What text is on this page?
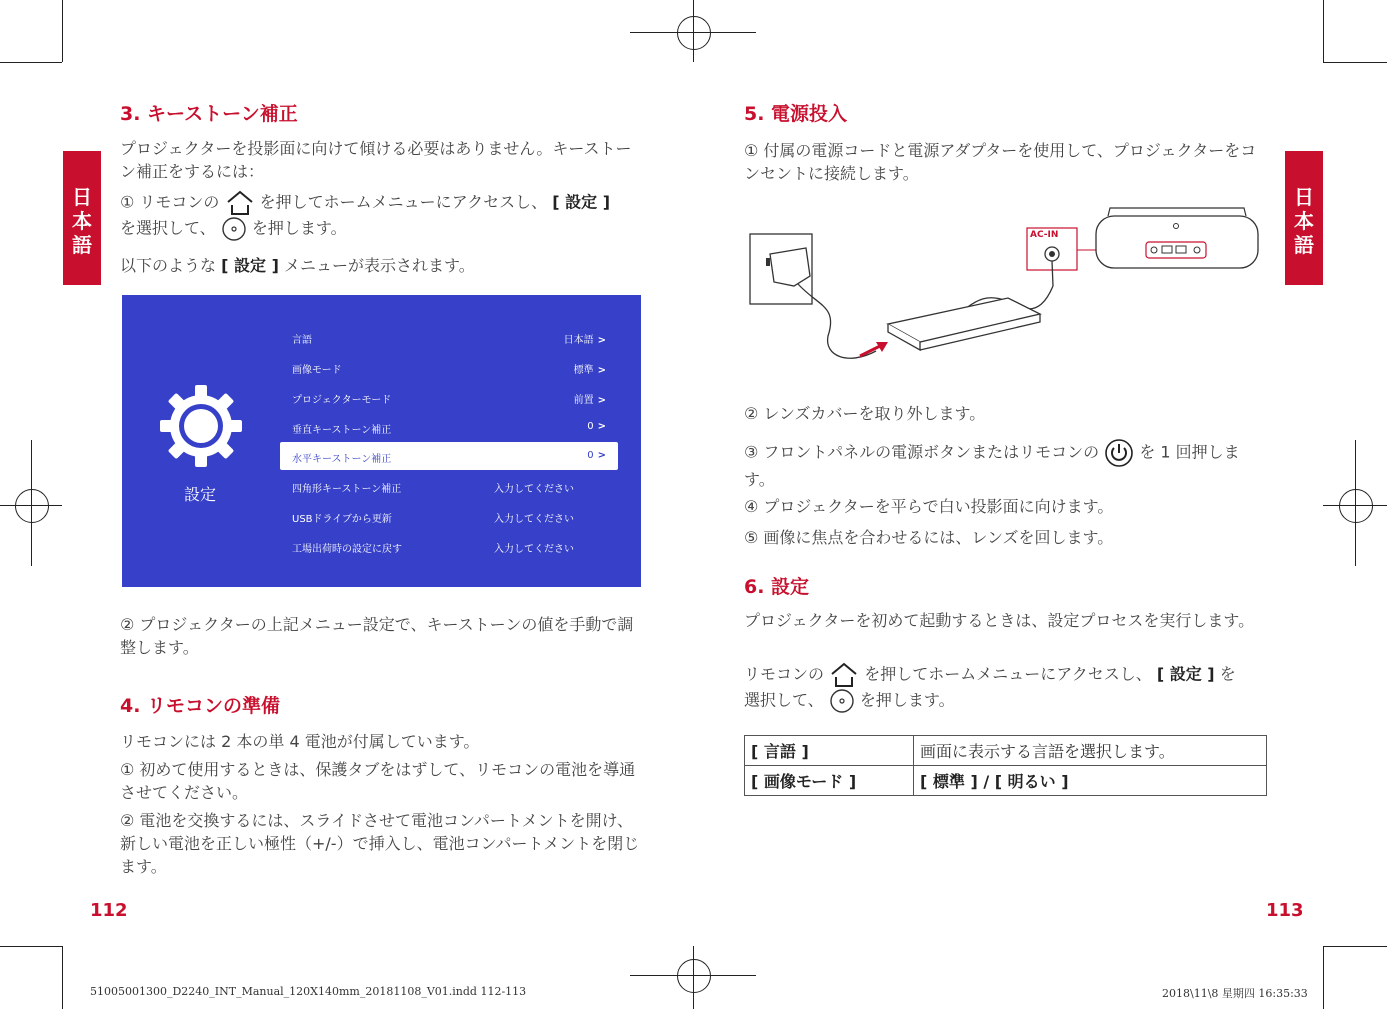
日
本
語
日
本
語
3. キーストーン補正
プロジェクターを投影面に向けて傾ける必要はありません。キーストーン補正をするには：
① リモコンの	を押してホームメニューにアクセスし、 [ 設定 ]
を選択して、 を押します。
以下のような [ 設定 ] メニューが表示されます。
設定
言語	日本語 >
画像モード	標準 >
プロジェクターモード	前置 >
垂直キーストーン補正	0 >
水平キーストーン補正	0 >
四角形キーストーン補正	入力してください
USBドライブから更新	入力してください
工場出荷時の設定に戻す	入力してください
② プロジェクターの上記メニュー設定で、キーストーンの値を手動で調整します。
4. リモコンの準備
リモコンには 2 本の単 4 電池が付属しています。
① 初めて使用するときは、保護タブをはずして、リモコンの電池を導通させてください。
② 電池を交換するには、スライドさせて電池コンパートメントを開け、新しい電池を正しい極性（+/-）で挿入し、電池コンパートメントを閉じます。
112
5. 電源投入
① 付属の電源コードと電源アダプターを使用して、プロジェクターをコンセントに接続します。
AC-IN
② レンズカバーを取り外します。
③ フロントパネルの電源ボタンまたはリモコンの	を 1 回押します。
④ プロジェクターを平らで白い投影面に向けます。
⑤ 画像に焦点を合わせるには、レンズを回します。
6. 設定
プロジェクターを初めて起動するときは、設定プロセスを実行します。
リモコンの	を押してホームメニューにアクセスし、 [ 設定 ] を
選択して、 を押します。
[ 言語 ]	画面に表示する言語を選択します。
[ 画像モード ]	[ 標準 ] / [ 明るい ]
113
51005001300_D2240_INT_Manual_120X140mm_20181108_V01.indd 112-113	2018\11\8 星期四 16:35:33
